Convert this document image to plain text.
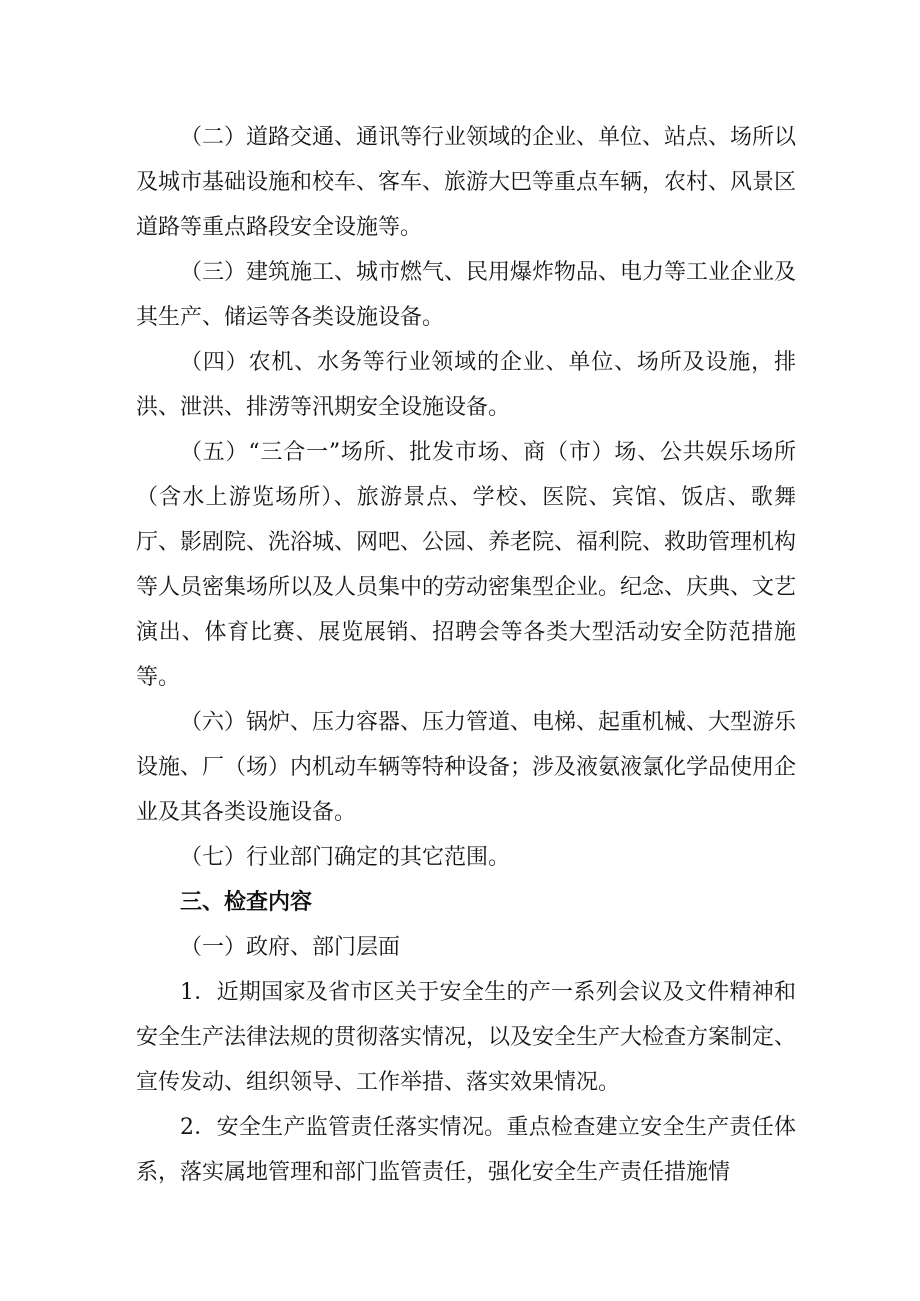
（二）道路交通、通讯等行业领域的企业、单位、站点、场所以及城市基础设施和校车、客车、旅游大巴等重点车辆，农村、风景区道路等重点路段安全设施等。

（三）建筑施工、城市燃气、民用爆炸物品、电力等工业企业及其生产、储运等各类设施设备。

（四）农机、水务等行业领域的企业、单位、场所及设施，排洪、泄洪、排涝等汛期安全设施设备。

（五）“三合一”场所、批发市场、商（市）场、公共娱乐场所（含水上游览场所）、旅游景点、学校、医院、宾馆、饭店、歌舞厅、影剧院、洗浴城、网吧、公园、养老院、福利院、救助管理机构等人员密集场所以及人员集中的劳动密集型企业。纪念、庆典、文艺演出、体育比赛、展览展销、招聘会等各类大型活动安全防范措施等。

（六）锅炉、压力容器、压力管道、电梯、起重机械、大型游乐设施、厂（场）内机动车辆等特种设备；涉及液氨液氯化学品使用企业及其各类设施设备。

（七）行业部门确定的其它范围。

三、检查内容

（一）政府、部门层面

1．近期国家及省市区关于安全生的产一系列会议及文件精神和安全生产法律法规的贯彻落实情况，以及安全生产大检查方案制定、宣传发动、组织领导、工作举措、落实效果情况。

2．安全生产监管责任落实情况。重点检查建立安全生产责任体系，落实属地管理和部门监管责任，强化安全生产责任措施情
